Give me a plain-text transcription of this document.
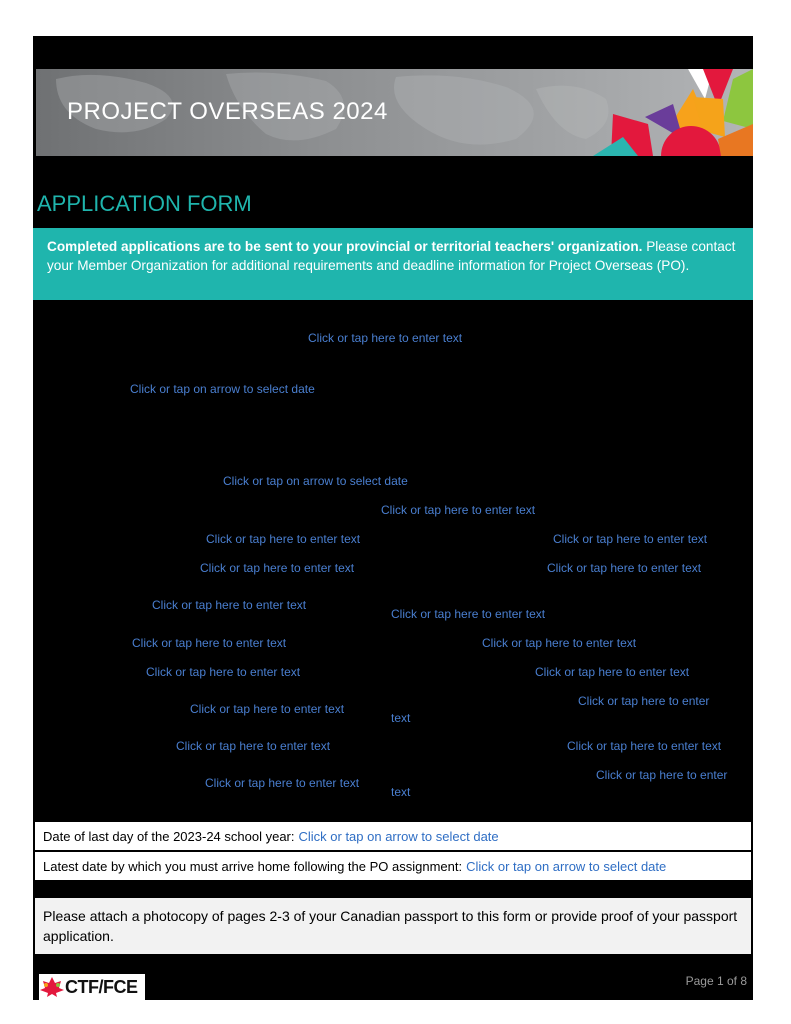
PROJECT OVERSEAS 2024
APPLICATION FORM
Completed applications are to be sent to your provincial or territorial teachers' organization. Please contact your Member Organization for additional requirements and deadline information for Project Overseas (PO).
Click or tap here to enter text
Click or tap on arrow to select date
Click or tap on arrow to select date
Click or tap here to enter text
Click or tap here to enter text	Click or tap here to enter text
Click or tap here to enter text	Click or tap here to enter text
Click or tap here to enter text
Click or tap here to enter text
Click or tap here to enter text	Click or tap here to enter text
Click or tap here to enter text	Click or tap here to enter text
Click or tap here to enter text
Click or tap here to enter
text
Click or tap here to enter text	Click or tap here to enter text
Click or tap here to enter text
Click or tap here to enter
text
Date of last day of the 2023-24 school year: Click or tap on arrow to select date
Latest date by which you must arrive home following the PO assignment: Click or tap on arrow to select date
Please attach a photocopy of pages 2-3 of your Canadian passport to this form or provide proof of your passport application.
CTF/FCE	Page 1 of 8
